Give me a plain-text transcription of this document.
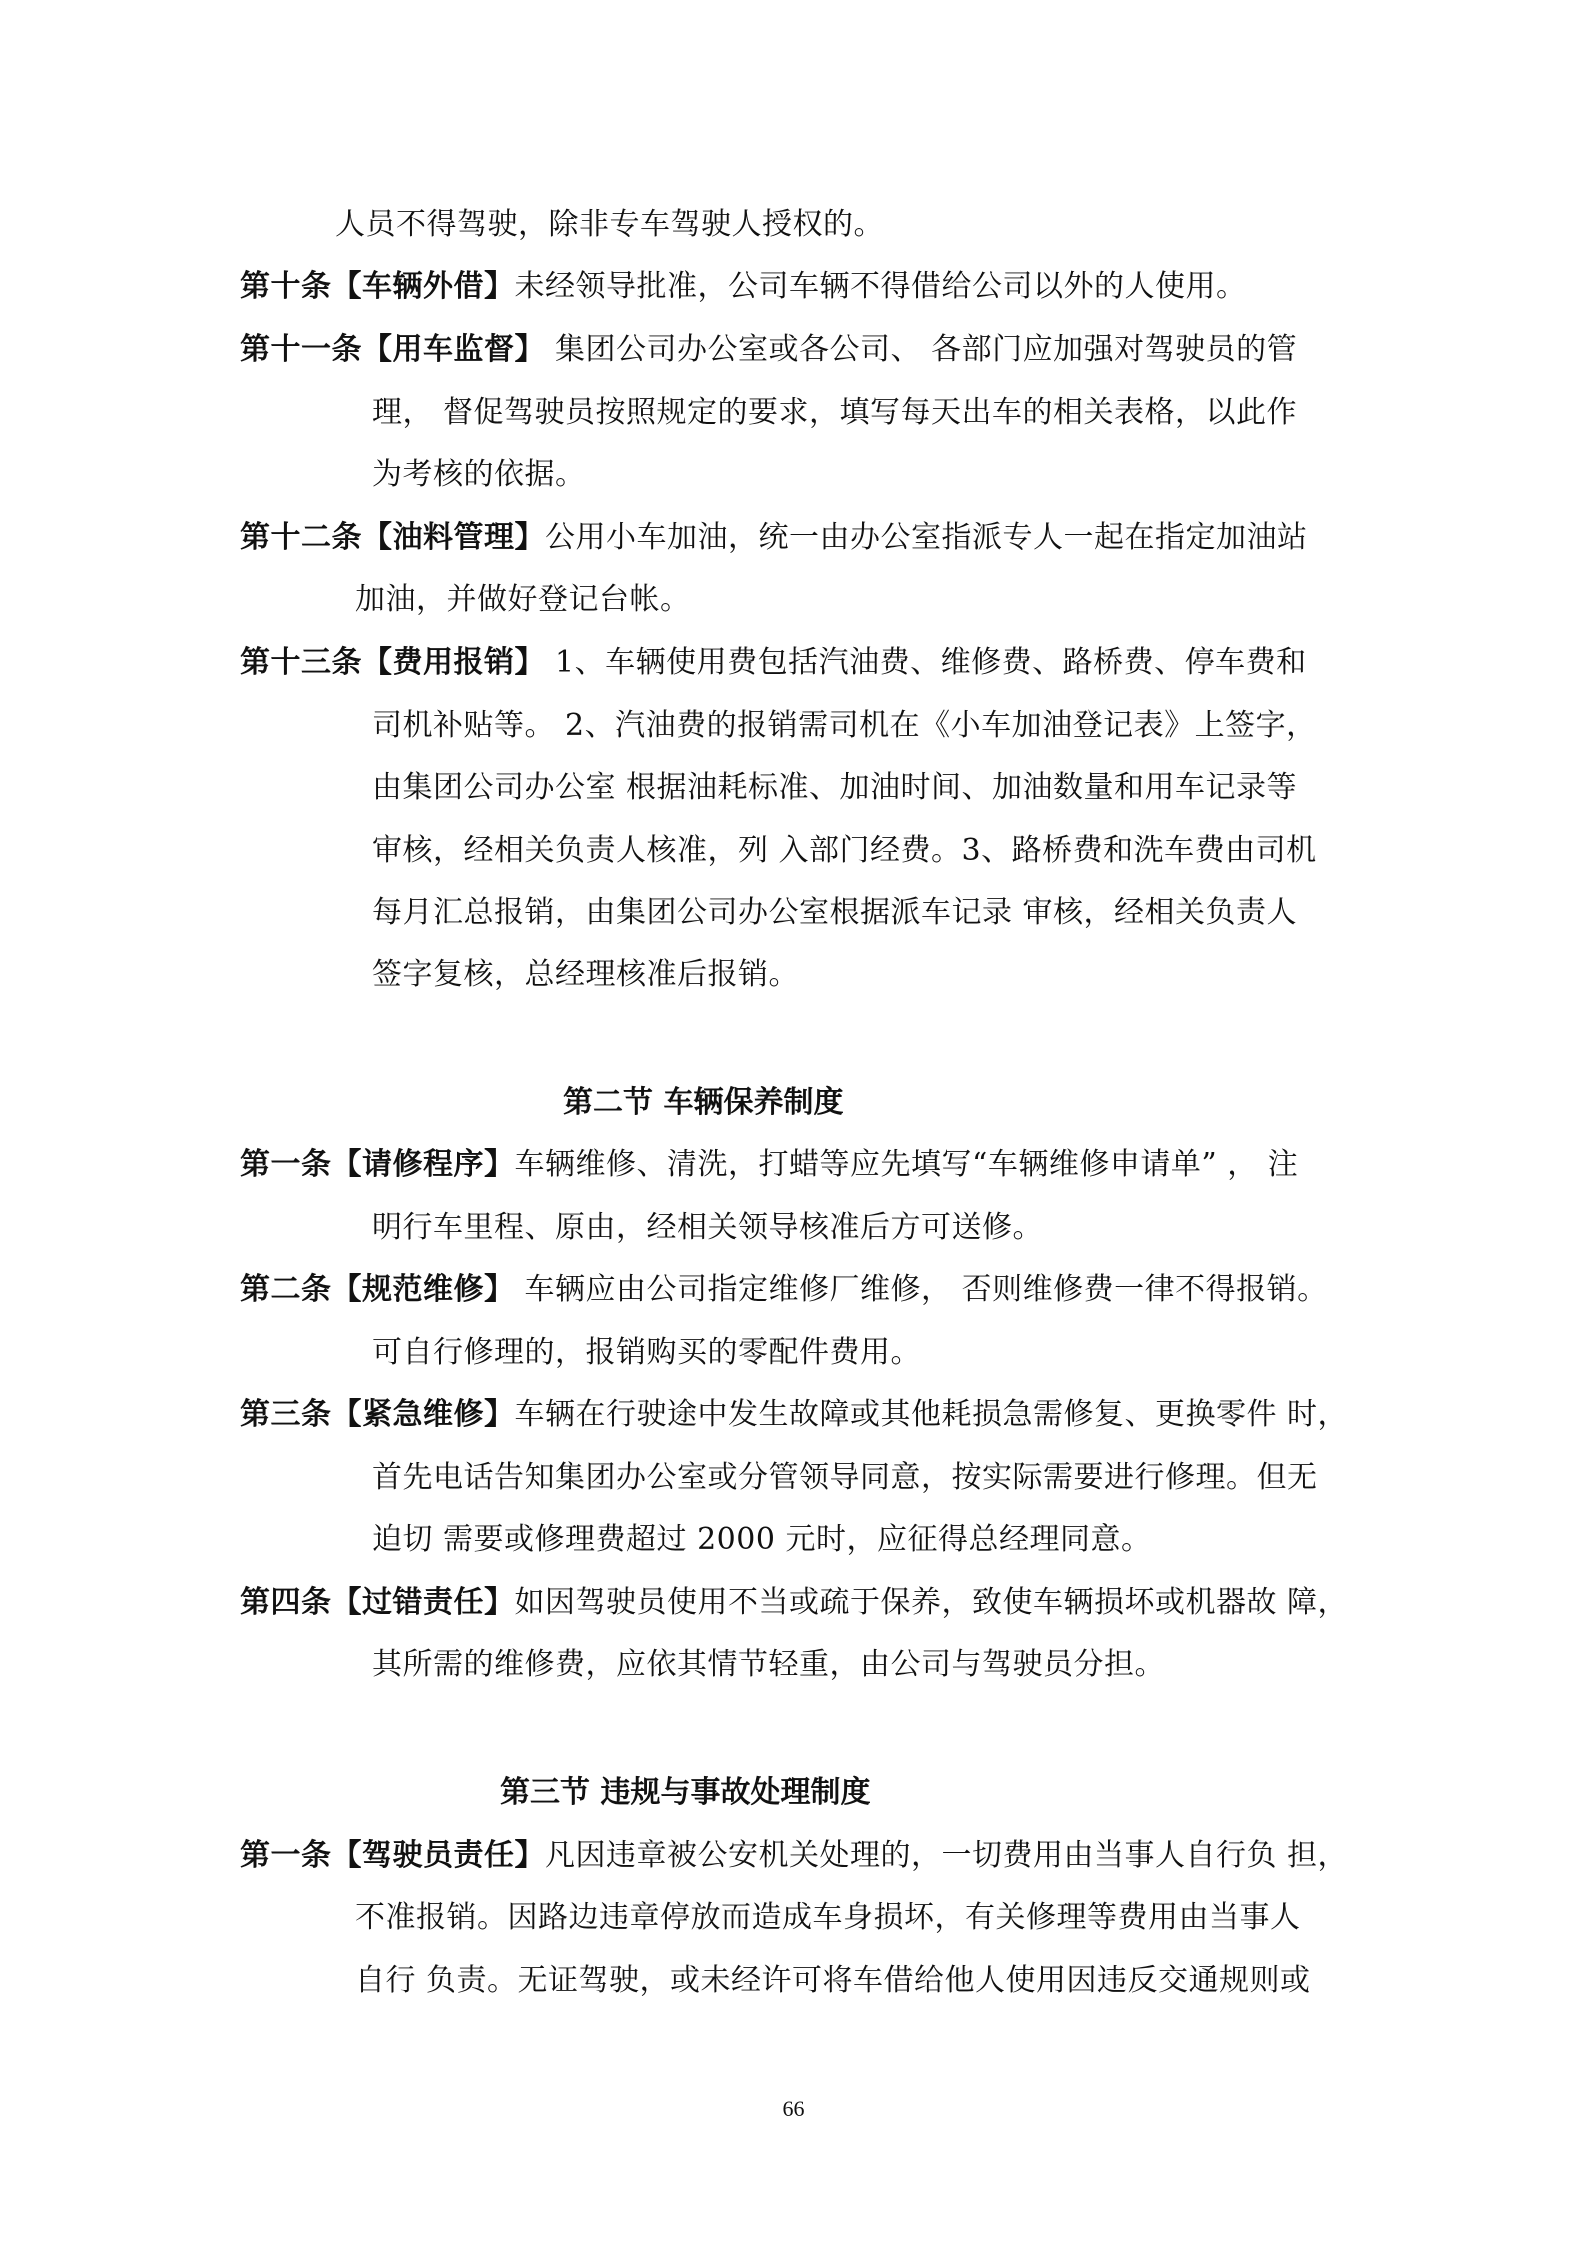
人员不得驾驶，除非专车驾驶人授权的。
第十条【车辆外借】未经领导批准，公司车辆不得借给公司以外的人使用。
第十一条【用车监督】 集团公司办公室或各公司、 各部门应加强对驾驶员的管
理， 督促驾驶员按照规定的要求，填写每天出车的相关表格，以此作
为考核的依据。
第十二条【油料管理】公用小车加油，统一由办公室指派专人一起在指定加油站
加油，并做好登记台帐。
第十三条【费用报销】 1、车辆使用费包括汽油费、维修费、路桥费、停车费和
司机补贴等。 2、汽油费的报销需司机在《小车加油登记表》上签字，
由集团公司办公室 根据油耗标准、加油时间、加油数量和用车记录等
审核，经相关负责人核准，列 入部门经费。3、路桥费和洗车费由司机
每月汇总报销，由集团公司办公室根据派车记录 审核，经相关负责人
签字复核，总经理核准后报销。
第二节 车辆保养制度
第一条【请修程序】车辆维修、清洗，打蜡等应先填写“车辆维修申请单” ， 注
明行车里程、原由，经相关领导核准后方可送修。
第二条【规范维修】 车辆应由公司指定维修厂维修， 否则维修费一律不得报销。
可自行修理的，报销购买的零配件费用。
第三条【紧急维修】车辆在行驶途中发生故障或其他耗损急需修复、更换零件 时，
首先电话告知集团办公室或分管领导同意，按实际需要进行修理。但无
迫切 需要或修理费超过 2000 元时，应征得总经理同意。
第四条【过错责任】如因驾驶员使用不当或疏于保养，致使车辆损坏或机器故 障，
其所需的维修费，应依其情节轻重，由公司与驾驶员分担。
第三节 违规与事故处理制度
第一条【驾驶员责任】凡因违章被公安机关处理的，一切费用由当事人自行负 担，
不准报销。因路边违章停放而造成车身损坏，有关修理等费用由当事人
自行 负责。无证驾驶，或未经许可将车借给他人使用因违反交通规则或
66
